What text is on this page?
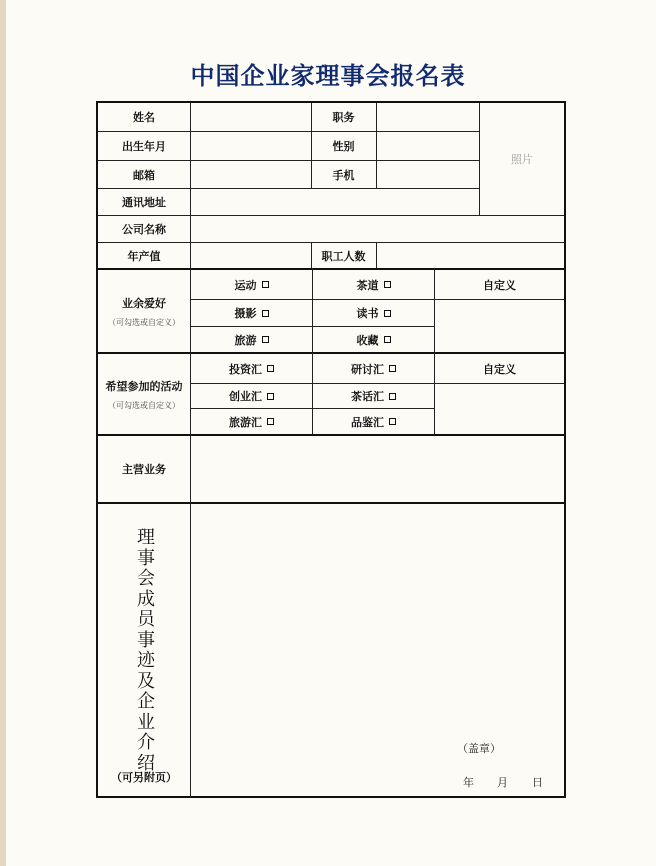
中国企业家理事会报名表
姓名	职务
照片
出生年月	性别
邮箱	手机
通讯地址
公司名称
年产值	职工人数
业余爱好
（可勾选或自定义）
运动	茶道	自定义
摄影	读书
旅游	收藏
希望参加的活动
（可勾选或自定义）
投资汇	研讨汇	自定义
创业汇	茶话汇
旅游汇	品鉴汇
主营业务
理事会成员事迹及企业介绍
（可另附页）
（盖章）
年 月 日
